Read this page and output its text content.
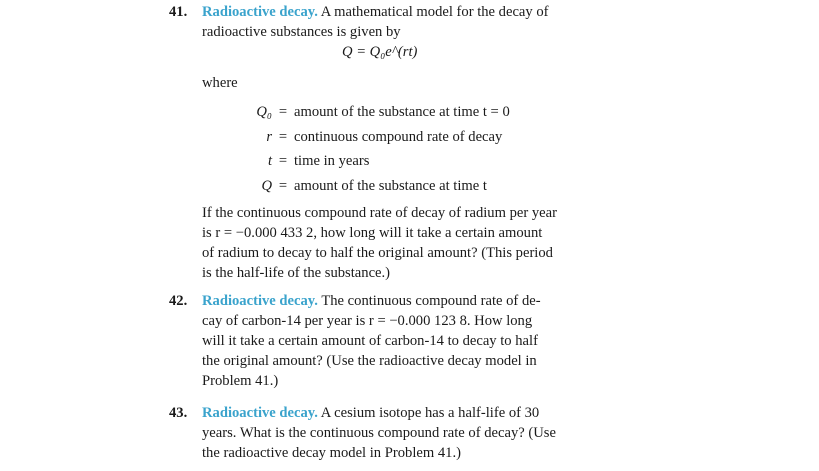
41. Radioactive decay. A mathematical model for the decay of
radioactive substances is given by
Q = Q₀e^(rt)
where
Q₀ = amount of the substance at time t = 0
r = continuous compound rate of decay
t = time in years
Q = amount of the substance at time t
If the continuous compound rate of decay of radium per year
is r = −0.000 433 2, how long will it take a certain amount
of radium to decay to half the original amount? (This period
is the half-life of the substance.)
42. Radioactive decay. The continuous compound rate of de-
cay of carbon-14 per year is r = −0.000 123 8. How long
will it take a certain amount of carbon-14 to decay to half
the original amount? (Use the radioactive decay model in
Problem 41.)
43. Radioactive decay. A cesium isotope has a half-life of 30
years. What is the continuous compound rate of decay? (Use
the radioactive decay model in Problem 41.)
